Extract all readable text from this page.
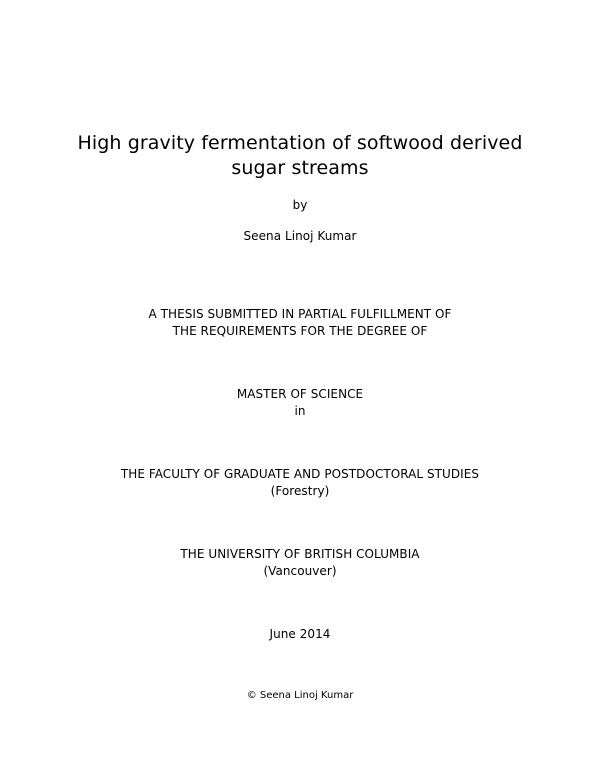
High gravity fermentation of softwood derived
sugar streams

by

Seena Linoj Kumar

A THESIS SUBMITTED IN PARTIAL FULFILLMENT OF

THE REQUIREMENTS FOR THE DEGREE OF

MASTER OF SCIENCE

in

THE FACULTY OF GRADUATE AND POSTDOCTORAL STUDIES

(Forestry)

THE UNIVERSITY OF BRITISH COLUMBIA

(Vancouver)

June 2014

© Seena Linoj Kumar
